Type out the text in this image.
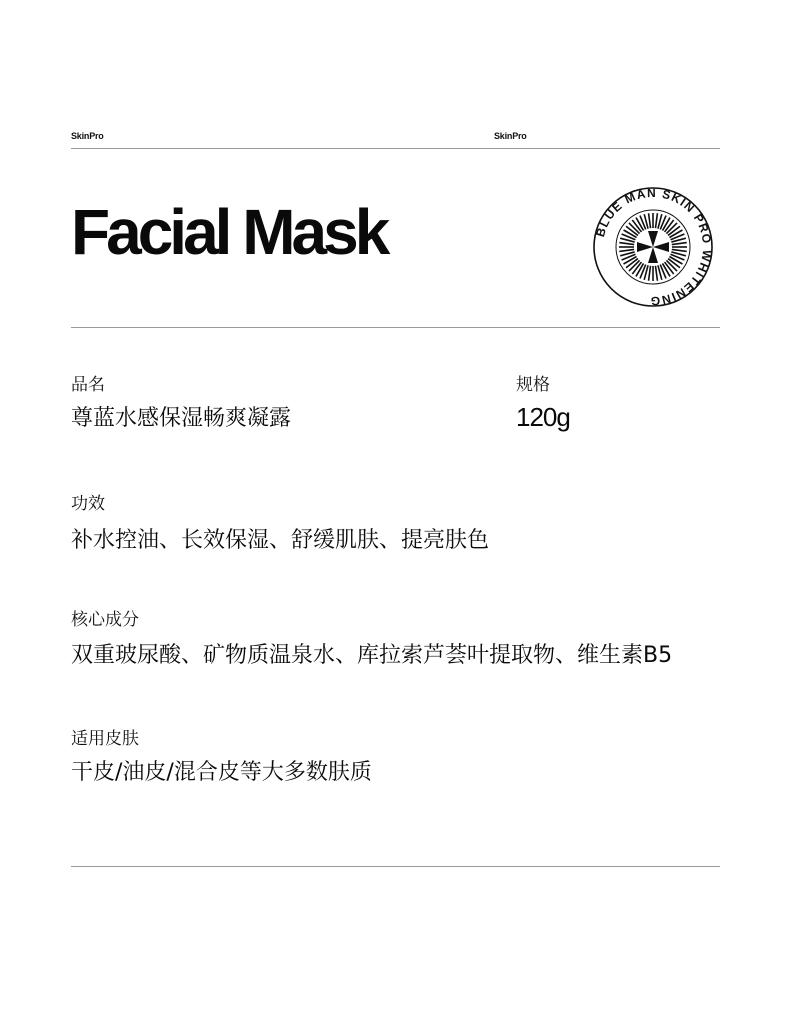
SkinPro	SkinPro
Facial Mask	BLUE MAN SKIN PRO WHITENING
品名
尊蓝水感保湿畅爽凝露
规格
120g
功效
补水控油、长效保湿、舒缓肌肤、提亮肤色
核心成分
双重玻尿酸、矿物质温泉水、库拉索芦荟叶提取物、维生素B5
适用皮肤
干皮/油皮/混合皮等大多数肤质
